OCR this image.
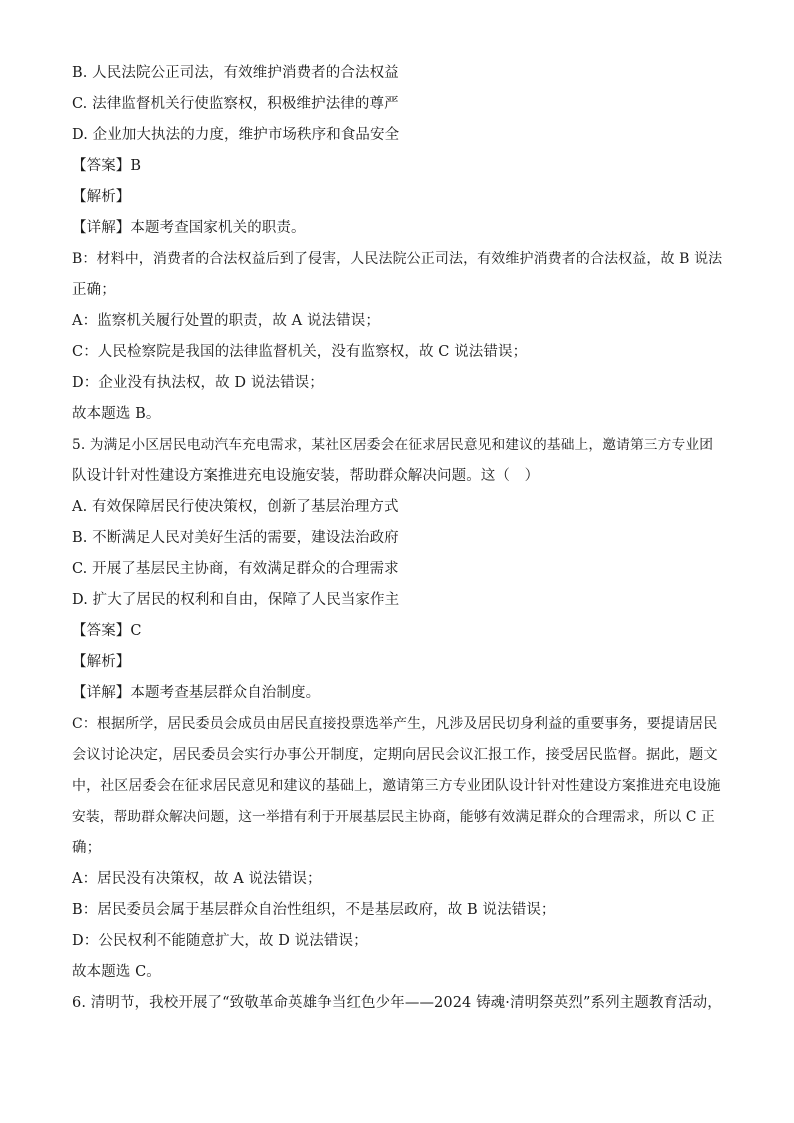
B. 人民法院公正司法，有效维护消费者的合法权益
C. 法律监督机关行使监察权，积极维护法律的尊严
D. 企业加大执法的力度，维护市场秩序和食品安全
【答案】B
【解析】
【详解】本题考查国家机关的职责。
B：材料中，消费者的合法权益后到了侵害，人民法院公正司法，有效维护消费者的合法权益，故 B 说法
正确；
A：监察机关履行处置的职责，故 A 说法错误；
C：人民检察院是我国的法律监督机关，没有监察权，故 C 说法错误；
D：企业没有执法权，故 D 说法错误；
故本题选 B。
5. 为满足小区居民电动汽车充电需求，某社区居委会在征求居民意见和建议的基础上，邀请第三方专业团
队设计针对性建设方案推进充电设施安装，帮助群众解决问题。这（　）
A. 有效保障居民行使决策权，创新了基层治理方式
B. 不断满足人民对美好生活的需要，建设法治政府
C. 开展了基层民主协商，有效满足群众的合理需求
D. 扩大了居民的权利和自由，保障了人民当家作主
【答案】C
【解析】
【详解】本题考查基层群众自治制度。
C：根据所学，居民委员会成员由居民直接投票选举产生，凡涉及居民切身利益的重要事务，要提请居民
会议讨论决定，居民委员会实行办事公开制度，定期向居民会议汇报工作，接受居民监督。据此，题文
中，社区居委会在征求居民意见和建议的基础上，邀请第三方专业团队设计针对性建设方案推进充电设施
安装，帮助群众解决问题，这一举措有利于开展基层民主协商，能够有效满足群众的合理需求，所以 C 正
确；
A：居民没有决策权，故 A 说法错误；
B：居民委员会属于基层群众自治性组织，不是基层政府，故 B 说法错误；
D：公民权利不能随意扩大，故 D 说法错误；
故本题选 C。
6. 清明节，我校开展了“致敬革命英雄争当红色少年——2024 铸魂·清明祭英烈”系列主题教育活动，
